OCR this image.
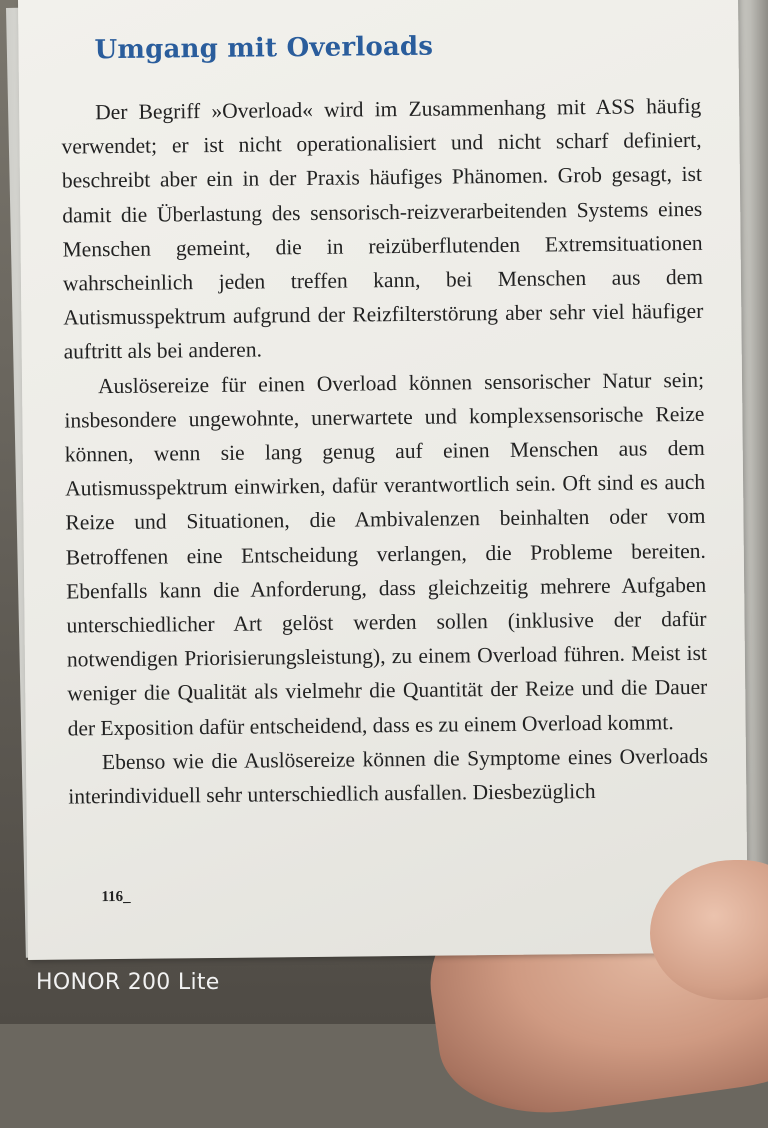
Umgang mit Overloads

Der Begriff »Overload« wird im Zusammenhang mit ASS häufig verwendet; er ist nicht operationalisiert und nicht scharf definiert, beschreibt aber ein in der Praxis häufiges Phänomen. Grob gesagt, ist damit die Überlastung des sensorisch-reizverarbeitenden Systems eines Menschen gemeint, die in reizüberflutenden Extremsituationen wahrscheinlich jeden treffen kann, bei Menschen aus dem Autismusspektrum aufgrund der Reizfilterstörung aber sehr viel häufiger auftritt als bei anderen.

Auslösereize für einen Overload können sensorischer Natur sein; insbesondere ungewohnte, unerwartete und komplexsensorische Reize können, wenn sie lang genug auf einen Menschen aus dem Autismusspektrum einwirken, dafür verantwortlich sein. Oft sind es auch Reize und Situationen, die Ambivalenzen beinhalten oder vom Betroffenen eine Entscheidung verlangen, die Probleme bereiten. Ebenfalls kann die Anforderung, dass gleichzeitig mehrere Aufgaben unterschiedlicher Art gelöst werden sollen (inklusive der dafür notwendigen Priorisierungsleistung), zu einem Overload führen. Meist ist weniger die Qualität als vielmehr die Quantität der Reize und die Dauer der Exposition dafür entscheidend, dass es zu einem Overload kommt.

Ebenso wie die Auslösereize können die Symptome eines Overloads interindividuell sehr unterschiedlich ausfallen. Diesbezüglich

116_
HONOR 200 Lite
